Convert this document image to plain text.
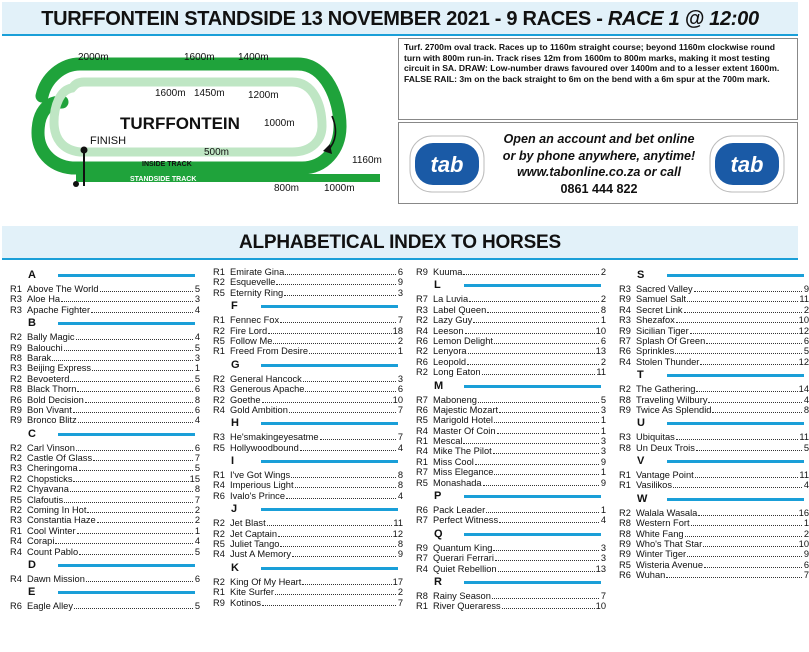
TURFFONTEIN STANDSIDE 13 NOVEMBER 2021 - 9 RACES - RACE 1 @ 12:00
TURFFONTEIN
FINISH
INSIDE TRACK
STANDSIDE TRACK
2000m	1600m 1400m
1600m 1450m 1200m
1000m
500m
1160m
800m 1000m
Turf. 2700m oval track. Races up to 1160m straight course; beyond 1160m clockwise round turn with 800m run-in. Track rises 12m from 1600m to 800m marks, making it most testing circuit in SA. DRAW: Low-number draws favoured over 1400m and to a lesser extent 1600m. FALSE RAIL: 3m on the back straight to 6m on the bend with a 6m spur at the 700m mark.
tab
Open an account and bet online
or by phone anywhere, anytime!
www.tabonline.co.za or call
0861 444 822
tab
ALPHABETICAL INDEX TO HORSES
A
R1 Above The World	5
R3 Aloe Ha	3
R3 Apache Fighter	4
B
R2 Bally Magic	4
R9 Balouchi	5
R8 Barak	3
R3 Beijing Express	1
R2 Bevoeterd	5
R8 Black Thorn	6
R6 Bold Decision	8
R9 Bon Vivant	6
R9 Bronco Blitz	4
C
R2 Carl Vinson	6
R2 Castle Of Glass	7
R3 Cheringoma	5
R2 Chopsticks	15
R2 Chyavana	8
R5 Clafoutis	7
R2 Coming In Hot	2
R3 Constantia Haze	2
R1 Cool Winter	1
R4 Corapi	4
R4 Count Pablo	5
D
R4 Dawn Mission	6
E
R6 Eagle Alley	5
R1 Emirate Gina	6
R2 Esquevelle	9
R5 Eternity Ring	3
F
R1 Fennec Fox	7
R2 Fire Lord	18
R5 Follow Me	2
R1 Freed From Desire	1
G
R2 General Hancock	3
R3 Generous Apache	6
R2 Goethe	10
R4 Gold Ambition	7
H
R3 He'smakingeyesatme	7
R5 Hollywoodbound	4
I
R1 I've Got Wings	8
R4 Imperious Light	8
R6 Ivalo's Prince	4
J
R2 Jet Blast	11
R2 Jet Captain	12
R5 Juliet Tango	8
R4 Just A Memory	9
K
R2 King Of My Heart	17
R1 Kite Surfer	2
R9 Kotinos	7
R9 Kuuma	2
L
R7 La Luvia	2
R3 Label Queen	8
R2 Lazy Guy	1
R4 Leeson	10
R6 Lemon Delight	6
R2 Lenyora	13
R6 Leopold	2
R2 Long Eaton	11
M
R7 Maboneng	5
R6 Majestic Mozart	3
R5 Marigold Hotel	1
R4 Master Of Coin	1
R1 Mescal	3
R4 Mike The Pilot	3
R1 Miss Cool	9
R7 Miss Elegance	1
R5 Monashada	9
P
R6 Pack Leader	1
R7 Perfect Witness	4
Q
R9 Quantum King	3
R7 Querari Ferrari	3
R4 Quiet Rebellion	13
R
R8 Rainy Season	7
R1 River Queraress	10
S
R3 Sacred Valley	9
R9 Samuel Salt	11
R4 Secret Link	2
R3 Shezafox	10
R9 Sicilian Tiger	12
R7 Splash Of Green	6
R6 Sprinkles	5
R4 Stolen Thunder	12
T
R2 The Gathering	14
R8 Traveling Wilbury	4
R9 Twice As Splendid	8
U
R3 Ubiquitas	11
R8 Un Deux Trois	5
V
R1 Vantage Point	11
R1 Vasilikos	4
W
R2 Walala Wasala	16
R8 Western Fort	1
R8 White Fang	2
R9 Who's That Star	10
R9 Winter Tiger	9
R5 Wisteria Avenue	6
R6 Wuhan	7
